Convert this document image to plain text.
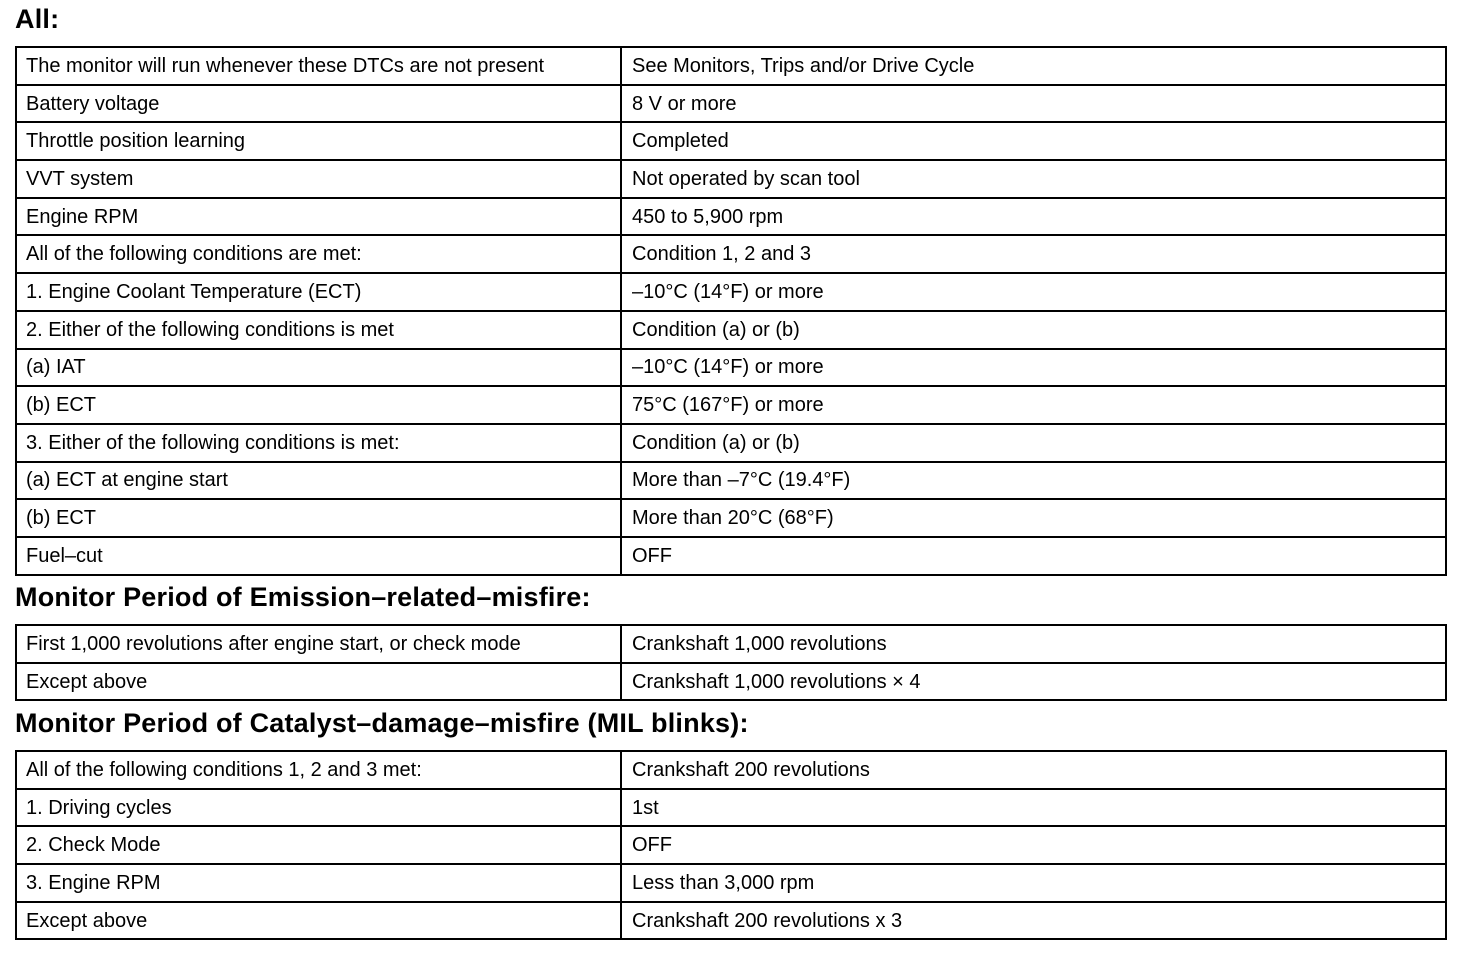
All:
The monitor will run whenever these DTCs are not present	See Monitors, Trips and/or Drive Cycle
Battery voltage	8 V or more
Throttle position learning	Completed
VVT system	Not operated by scan tool
Engine RPM	450 to 5,900 rpm
All of the following conditions are met:	Condition 1, 2 and 3
1. Engine Coolant Temperature (ECT)	–10°C (14°F) or more
2. Either of the following conditions is met	Condition (a) or (b)
(a) IAT	–10°C (14°F) or more
(b) ECT	75°C (167°F) or more
3. Either of the following conditions is met:	Condition (a) or (b)
(a) ECT at engine start	More than –7°C (19.4°F)
(b) ECT	More than 20°C (68°F)
Fuel–cut	OFF
Monitor Period of Emission–related–misfire:
First 1,000 revolutions after engine start, or check mode	Crankshaft 1,000 revolutions
Except above	Crankshaft 1,000 revolutions × 4
Monitor Period of Catalyst–damage–misfire (MIL blinks):
All of the following conditions 1, 2 and 3 met:	Crankshaft 200 revolutions
1. Driving cycles	1st
2. Check Mode	OFF
3. Engine RPM	Less than 3,000 rpm
Except above	Crankshaft 200 revolutions x 3
